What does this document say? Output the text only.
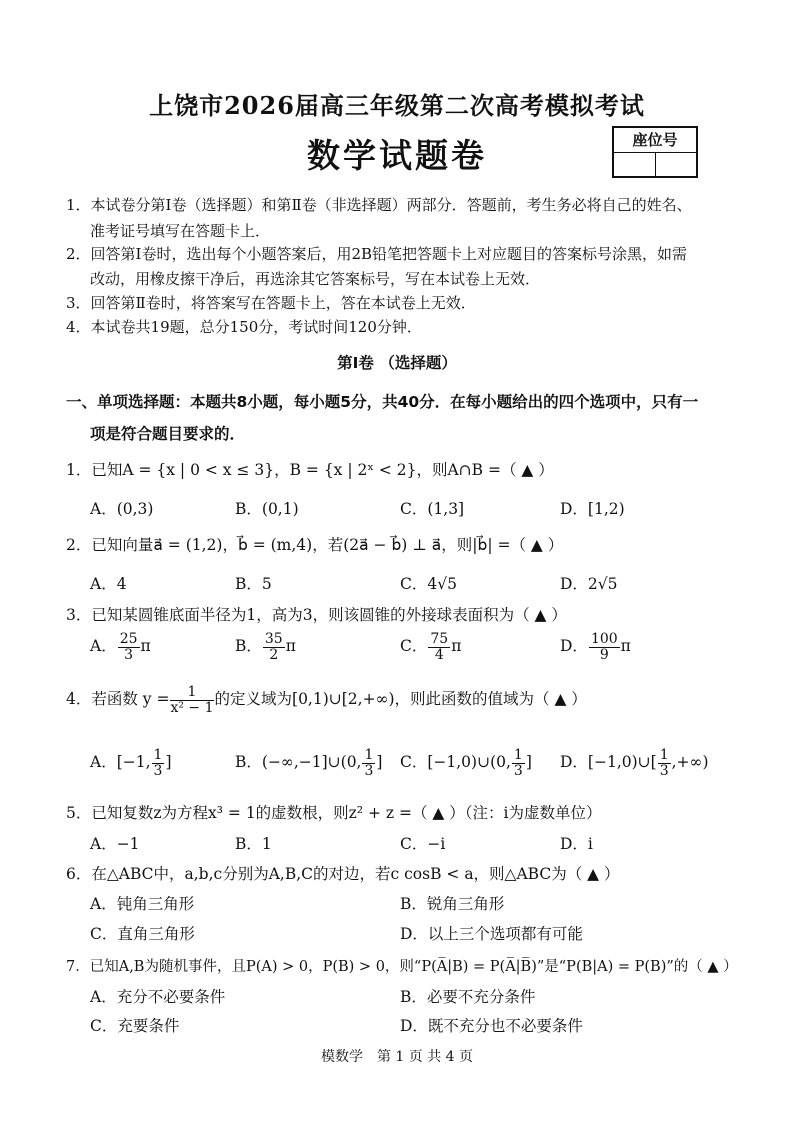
上饶市2026届高三年级第二次高考模拟考试
数学试题卷	座位号
1．本试卷分第Ⅰ卷（选择题）和第Ⅱ卷（非选择题）两部分．答题前，考生务必将自己的姓名、
准考证号填写在答题卡上．
2．回答第Ⅰ卷时，选出每个小题答案后，用2B铅笔把答题卡上对应题目的答案标号涂黑，如需
改动，用橡皮擦干净后，再选涂其它答案标号，写在本试卷上无效．
3．回答第Ⅱ卷时，将答案写在答题卡上，答在本试卷上无效．
4．本试卷共19题，总分150分，考试时间120分钟．
第Ⅰ卷 （选择题）
一、单项选择题：本题共8小题，每小题5分，共40分．在每小题给出的四个选项中，只有一
项是符合题目要求的．
1．已知A = {x | 0 < x ≤ 3}，B = {x | 2ˣ < 2}，则A∩B =（ ▲ ）
A．(0,3)	B．(0,1)	C．(1,3]	D．[1,2)
2．已知向量a⃗ = (1,2)，b⃗ = (m,4)，若(2a⃗ − b⃗) ⊥ a⃗，则|b⃗| =（ ▲ ）
A．4	B．5	C．4√5	D．2√5
3．已知某圆锥底面半径为1，高为3，则该圆锥的外接球表面积为（ ▲ ）
A． $\frac{25}{3}$ π	B． $\frac{35}{2}$ π	C． $\frac{75}{4}$ π	D． $\frac{100}{9}$ π
4．若函数 $y = \frac{1}{\text{x² − 1}}$ 的定义域为[0,1)∪[2,+∞)，则此函数的值域为（ ▲ ）
A．[−1, $\frac{1}{3}$ ]	B．(−∞,−1]∪(0, $\frac{1}{3}$ ] C．[−1,0)∪(0, $\frac{1}{3}$ ] D．[−1,0)∪[ $\frac{1}{3}$ ,+∞)
5．已知复数z为方程x³ = 1的虚数根，则z² + z =（ ▲ ）（注：i为虚数单位）
A．−1	B．1	C．−i	D．i
6．在△ABC中，a,b,c分别为A,B,C的对边，若c cosB < a，则△ABC为（ ▲ ）
A．钝角三角形	B．锐角三角形
C．直角三角形	D．以上三个选项都有可能
7．已知A,B为随机事件，且P(A) > 0，P(B) > 0，则“P(A̅|B) = P(A̅|B̅)”是“P(B|A) = P(B)”的（ ▲ ）
A．充分不必要条件	B．必要不充分条件
C．充要条件	D．既不充分也不必要条件
模数学　第 1 页 共 4 页
